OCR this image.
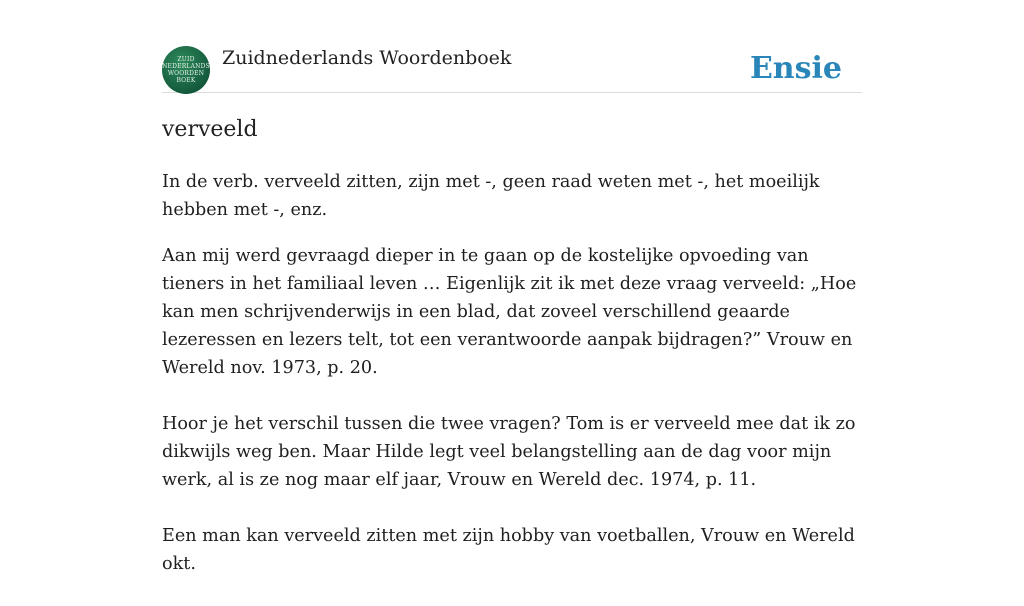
ZUID
NEDERLANDS
WOORDEN
BOEK
Zuidnederlands Woordenboek	Ensie
verveeld

In de verb. verveeld zitten, zijn met -, geen raad weten met -, het moeilijk hebben met -, enz.

Aan mij werd gevraagd dieper in te gaan op de kostelijke opvoeding van tieners in het familiaal leven … Eigenlijk zit ik met deze vraag verveeld: „Hoe kan men schrijvenderwijs in een blad, dat zoveel verschillend geaarde lezeressen en lezers telt, tot een verantwoorde aanpak bijdragen?” Vrouw en Wereld nov. 1973, p. 20.

Hoor je het verschil tussen die twee vragen? Tom is er verveeld mee dat ik zo dikwijls weg ben. Maar Hilde legt veel belangstelling aan de dag voor mijn werk, al is ze nog maar elf jaar, Vrouw en Wereld dec. 1974, p. 11.

Een man kan verveeld zitten met zijn hobby van voetballen, Vrouw en Wereld okt.
